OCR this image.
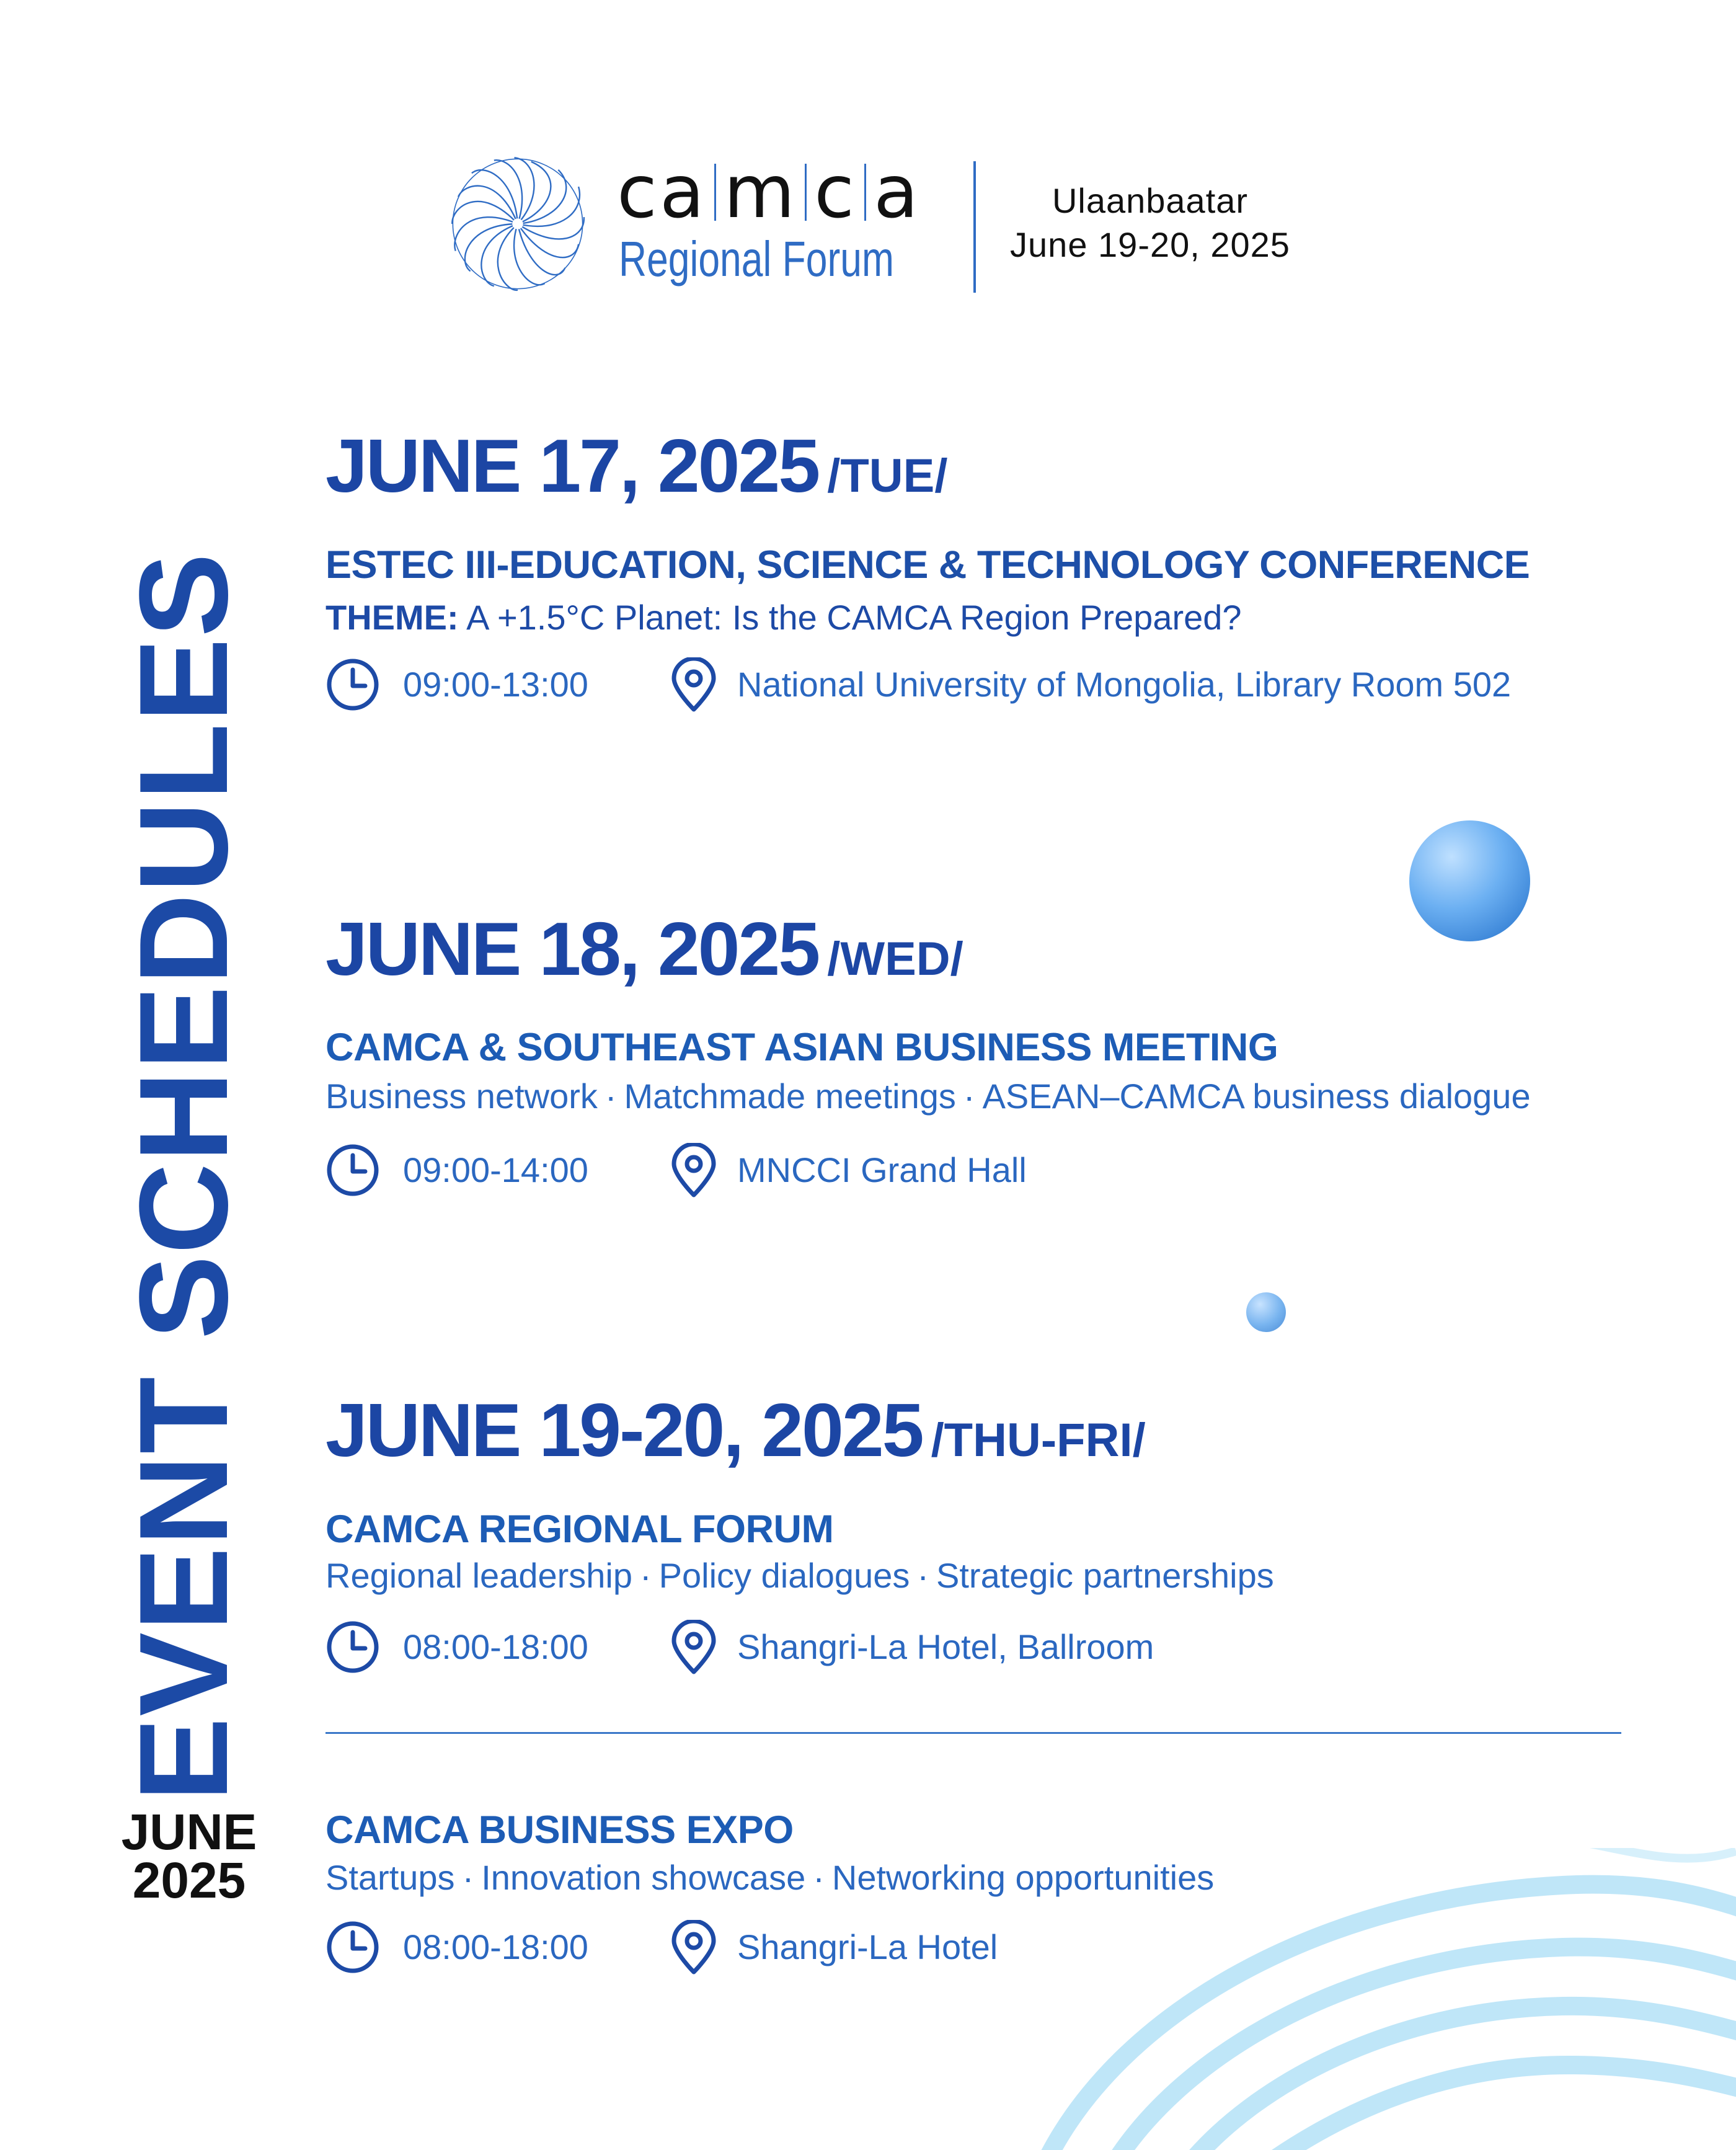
ca m c a
Regional Forum
Ulaanbaatar
June 19-20, 2025
EVENT SCHEDULES
JUNE
2025
JUNE 17, 2025 /TUE/
ESTEC III-EDUCATION, SCIENCE & TECHNOLOGY CONFERENCE
THEME: A +1.5°C Planet: Is the CAMCA Region Prepared?
09:00-13:00	National University of Mongolia, Library Room 502
JUNE 18, 2025 /WED/
CAMCA & SOUTHEAST ASIAN BUSINESS MEETING
Business network · Matchmade meetings · ASEAN–CAMCA business dialogue
09:00-14:00	MNCCI Grand Hall
JUNE 19-20, 2025 /THU-FRI/
CAMCA REGIONAL FORUM
Regional leadership · Policy dialogues · Strategic partnerships
08:00-18:00	Shangri-La Hotel, Ballroom
CAMCA BUSINESS EXPO
Startups · Innovation showcase · Networking opportunities
08:00-18:00	Shangri-La Hotel
